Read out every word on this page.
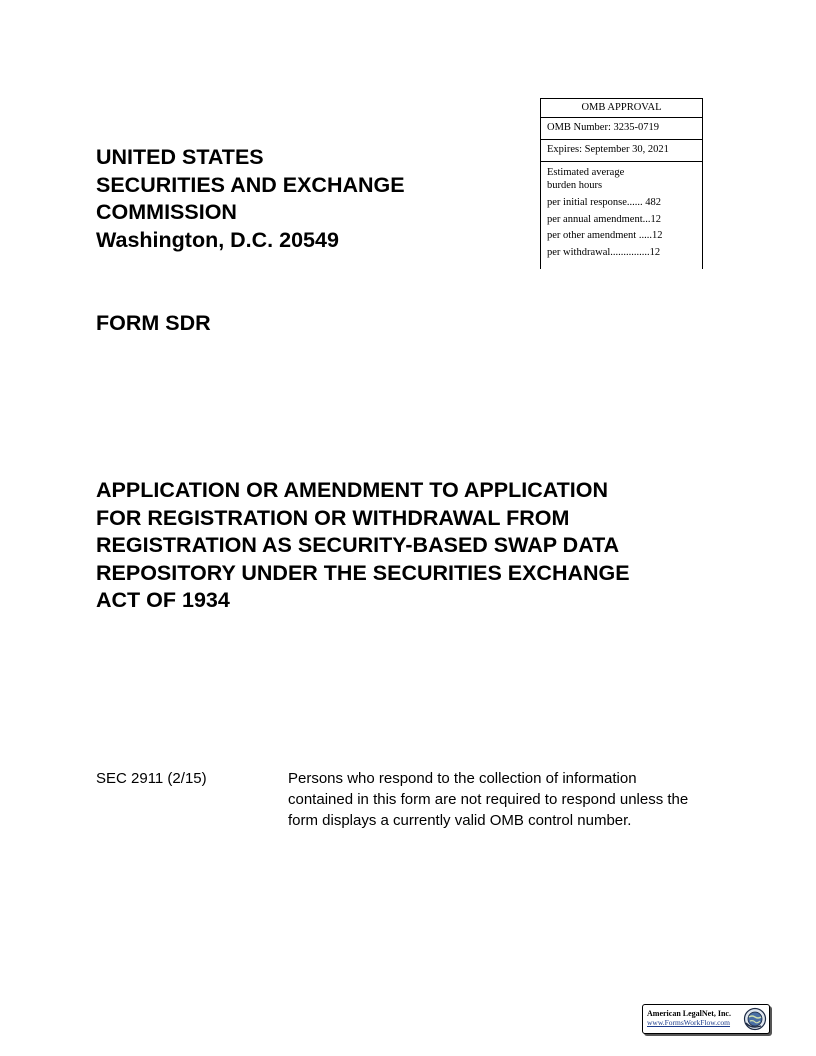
UNITED STATES
SECURITIES AND EXCHANGE
COMMISSION
Washington, D.C. 20549
OMB APPROVAL
OMB Number: 3235-0719
Expires: September 30, 2021
Estimated average
burden hours
per initial response...... 482
per annual amendment...12
per other amendment .....12
per withdrawal...............12
FORM SDR
APPLICATION OR AMENDMENT TO APPLICATION
FOR REGISTRATION OR WITHDRAWAL FROM
REGISTRATION AS SECURITY-BASED SWAP DATA
REPOSITORY UNDER THE SECURITIES EXCHANGE
ACT OF 1934
SEC 2911 (2/15)	Persons who respond to the collection of information
contained in this form are not required to respond unless the
form displays a currently valid OMB control number.
American LegalNet, Inc.
www.FormsWorkFlow.com
